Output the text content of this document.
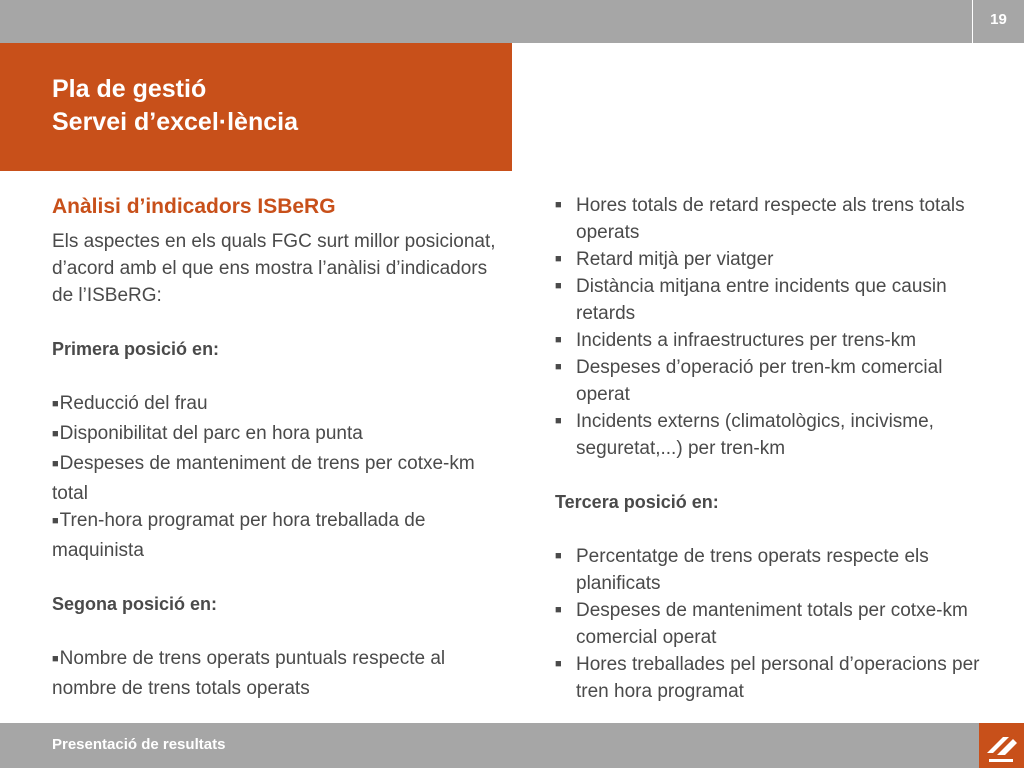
19
Pla de gestió
Servei d’excel·lència
Anàlisi d’indicadors ISBeRG

Els aspectes en els quals FGC surt millor posicionat, d’acord amb el que ens mostra l’anàlisi d’indicadors de l’ISBeRG:

Primera posició en:

■Reducció del frau

■Disponibilitat del parc en hora punta

■Despeses de manteniment de trens per cotxe-km total

■Tren-hora programat per hora treballada de maquinista

Segona posició en:

■Nombre de trens operats puntuals respecte al nombre de trens totals operats

■ Hores totals de retard respecte als trens totals operats
■ Retard mitjà per viatger
■ Distància mitjana entre incidents que causin retards
■ Incidents a infraestructures per trens-km
■ Despeses d’operació per tren-km comercial operat
■ Incidents externs (climatològics, incivisme, seguretat,...) per tren-km

Tercera posició en:

■ Percentatge de trens operats respecte els planificats
■ Despeses de manteniment totals per cotxe-km comercial operat
■ Hores treballades pel personal d’operacions per tren hora programat
Presentació de resultats
